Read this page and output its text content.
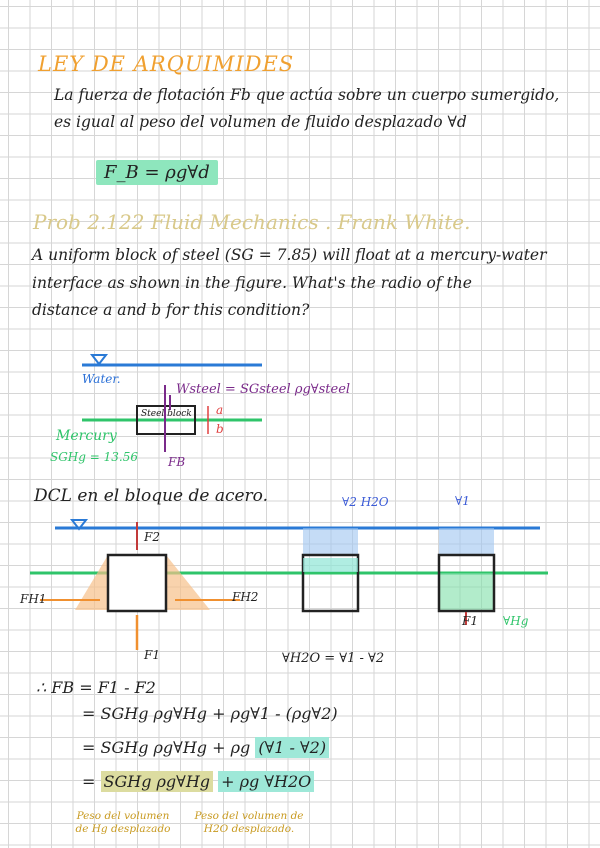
LEY DE ARQUIMIDES
La fuerza de flotación Fb que actúa sobre un cuerpo sumergido,
es igual al peso del volumen de fluido desplazado ∀d
F_B = ρg∀d
Prob 2.122 Fluid Mechanics . Frank White.
A uniform block of steel (SG = 7.85) will float at a mercury-water
interface as shown in the figure. What's the radio of the
distance a and b for this condition?
Water.
Wsteel = SGsteel ρg∀steel
Steel block a
b
Mercury
SGHg = 13.56	FB
DCL en el bloque de acero.
F2
F1
FH1	FH2
∀2 H2O	∀1
F1 ∀Hg
∀H2O = ∀1 - ∀2
∴ FB = F1 - F2
= SGHg ρg∀Hg + ρg∀1 - (ρg∀2)
= SGHg ρg∀Hg + ρg (∀1 - ∀2)
= SGHg ρg∀Hg + ρg ∀H2O
Peso del volumen de Hg desplazado
Peso del volumen de H2O desplazado.
